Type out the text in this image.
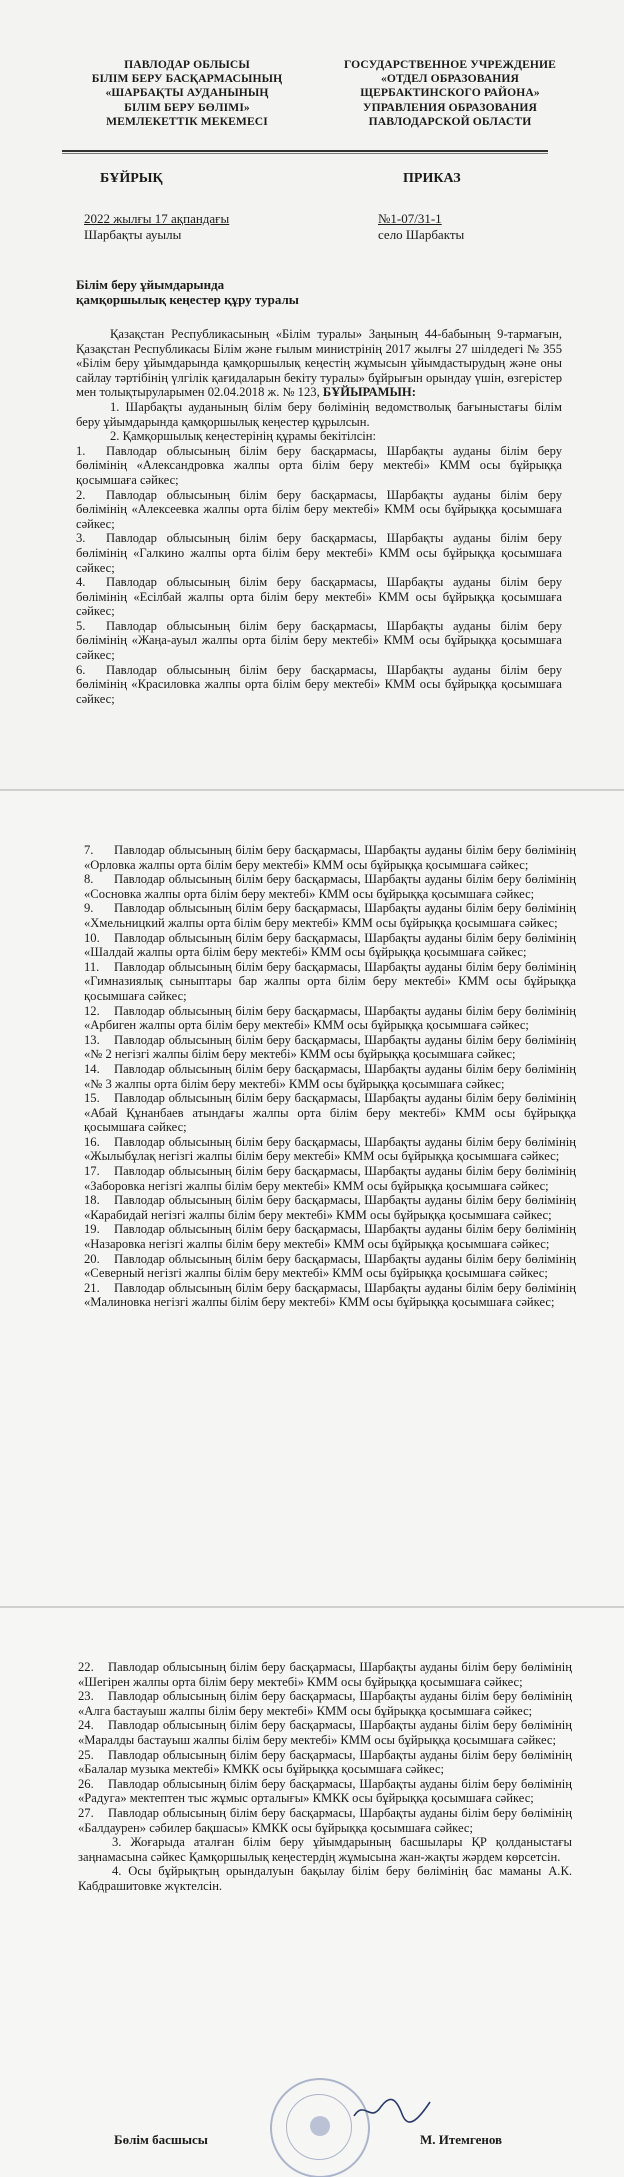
ПАВЛОДАР ОБЛЫСЫ
БІЛІМ БЕРУ БАСҚАРМАСЫНЫҢ
«ШАРБАҚТЫ АУДАНЫНЫҢ
БІЛІМ БЕРУ БӨЛІМІ»
МЕМЛЕКЕТТІК МЕКЕМЕСІ
ГОСУДАРСТВЕННОЕ УЧРЕЖДЕНИЕ
«ОТДЕЛ ОБРАЗОВАНИЯ
ЩЕРБАКТИНСКОГО РАЙОНА»
УПРАВЛЕНИЯ ОБРАЗОВАНИЯ
ПАВЛОДАРСКОЙ ОБЛАСТИ
БҰЙРЫҚ	ПРИКАЗ
2022 жылғы 17 ақпандағы	№1-07/31-1
Шарбақты ауылы	село Шарбакты
Білім беру ұйымдарында
қамқоршылық кеңестер құру туралы

Қазақстан Республикасының «Білім туралы» Заңының 44-бабының 9-тармағын, Қазақстан Республикасы Білім және ғылым министрінің 2017 жылғы 27 шілдедегі № 355 «Білім беру ұйымдарында қамқоршылық кеңестің жұмысын ұйымдастырудың және оны сайлау тәртібінің үлгілік қағидаларын бекіту туралы» бұйрығын орындау үшін, өзгерістер мен толықтыруларымен 02.04.2018 ж. № 123, БҰЙЫРАМЫН:

1. Шарбақты ауданының білім беру бөлімінің ведомстволық бағыныстағы білім беру ұйымдарында қамқоршылық кеңестер құрылсын.

2. Қамқоршылық кеңестерінің құрамы бекітілсін:

1. Павлодар облысының білім беру басқармасы, Шарбақты ауданы білім беру бөлімінің «Александровка жалпы орта білім беру мектебі» КММ осы бұйрыққа қосымшаға сәйкес;

2. Павлодар облысының білім беру басқармасы, Шарбақты ауданы білім беру бөлімінің «Алексеевка жалпы орта білім беру мектебі» КММ осы бұйрыққа қосымшаға сәйкес;

3. Павлодар облысының білім беру басқармасы, Шарбақты ауданы білім беру бөлімінің «Галкино жалпы орта білім беру мектебі» КММ осы бұйрыққа қосымшаға сәйкес;

4. Павлодар облысының білім беру басқармасы, Шарбақты ауданы білім беру бөлімінің «Есілбай жалпы орта білім беру мектебі» КММ осы бұйрыққа қосымшаға сәйкес;

5. Павлодар облысының білім беру басқармасы, Шарбақты ауданы білім беру бөлімінің «Жаңа-ауыл жалпы орта білім беру мектебі» КММ осы бұйрыққа қосымшаға сәйкес;

6. Павлодар облысының білім беру басқармасы, Шарбақты ауданы білім беру бөлімінің «Красиловка жалпы орта білім беру мектебі» КММ осы бұйрыққа қосымшаға сәйкес;

7. Павлодар облысының білім беру басқармасы, Шарбақты ауданы білім беру бөлімінің «Орловка жалпы орта білім беру мектебі» КММ осы бұйрыққа қосымшаға сәйкес;

8. Павлодар облысының білім беру басқармасы, Шарбақты ауданы білім беру бөлімінің «Сосновка жалпы орта білім беру мектебі» КММ осы бұйрыққа қосымшаға сәйкес;

9. Павлодар облысының білім беру басқармасы, Шарбақты ауданы білім беру бөлімінің «Хмельницкий жалпы орта білім беру мектебі» КММ осы бұйрыққа қосымшаға сәйкес;

10. Павлодар облысының білім беру басқармасы, Шарбақты ауданы білім беру бөлімінің «Шалдай жалпы орта білім беру мектебі» КММ осы бұйрыққа қосымшаға сәйкес;

11. Павлодар облысының білім беру басқармасы, Шарбақты ауданы білім беру бөлімінің «Гимназиялық сыныптары бар жалпы орта білім беру мектебі» КММ осы бұйрыққа қосымшаға сәйкес;

12. Павлодар облысының білім беру басқармасы, Шарбақты ауданы білім беру бөлімінің «Арбиген жалпы орта білім беру мектебі» КММ осы бұйрыққа қосымшаға сәйкес;

13. Павлодар облысының білім беру басқармасы, Шарбақты ауданы білім беру бөлімінің «№ 2 негізгі жалпы білім беру мектебі» КММ осы бұйрыққа қосымшаға сәйкес;

14. Павлодар облысының білім беру басқармасы, Шарбақты ауданы білім беру бөлімінің «№ 3 жалпы орта білім беру мектебі» КММ осы бұйрыққа қосымшаға сәйкес;

15. Павлодар облысының білім беру басқармасы, Шарбақты ауданы білім беру бөлімінің «Абай Құнанбаев атындағы жалпы орта білім беру мектебі» КММ осы бұйрыққа қосымшаға сәйкес;

16. Павлодар облысының білім беру басқармасы, Шарбақты ауданы білім беру бөлімінің «Жылыбұлақ негізгі жалпы білім беру мектебі» КММ осы бұйрыққа қосымшаға сәйкес;

17. Павлодар облысының білім беру басқармасы, Шарбақты ауданы білім беру бөлімінің «Заборовка негізгі жалпы білім беру мектебі» КММ осы бұйрыққа қосымшаға сәйкес;

18. Павлодар облысының білім беру басқармасы, Шарбақты ауданы білім беру бөлімінің «Карабидай негізгі жалпы білім беру мектебі» КММ осы бұйрыққа қосымшаға сәйкес;

19. Павлодар облысының білім беру басқармасы, Шарбақты ауданы білім беру бөлімінің «Назаровка негізгі жалпы білім беру мектебі» КММ осы бұйрыққа қосымшаға сәйкес;

20. Павлодар облысының білім беру басқармасы, Шарбақты ауданы білім беру бөлімінің «Северный негізгі жалпы білім беру мектебі» КММ осы бұйрыққа қосымшаға сәйкес;

21. Павлодар облысының білім беру басқармасы, Шарбақты ауданы білім беру бөлімінің «Малиновка негізгі жалпы білім беру мектебі» КММ осы бұйрыққа қосымшаға сәйкес;

22. Павлодар облысының білім беру басқармасы, Шарбақты ауданы білім беру бөлімінің «Шегірен жалпы орта білім беру мектебі» КММ осы бұйрыққа қосымшаға сәйкес;

23. Павлодар облысының білім беру басқармасы, Шарбақты ауданы білім беру бөлімінің «Алга бастауыш жалпы білім беру мектебі» КММ осы бұйрыққа қосымшаға сәйкес;

24. Павлодар облысының білім беру басқармасы, Шарбақты ауданы білім беру бөлімінің «Маралды бастауыш жалпы білім беру мектебі» КММ осы бұйрыққа қосымшаға сәйкес;

25. Павлодар облысының білім беру басқармасы, Шарбақты ауданы білім беру бөлімінің «Балалар музыка мектебі» КМКК осы бұйрыққа қосымшаға сәйкес;

26. Павлодар облысының білім беру басқармасы, Шарбақты ауданы білім беру бөлімінің «Радуга» мектептен тыс жұмыс орталығы» КМКК осы бұйрыққа қосымшаға сәйкес;

27. Павлодар облысының білім беру басқармасы, Шарбақты ауданы білім беру бөлімінің «Балдаурен» сәбилер бақшасы» КМКК осы бұйрыққа қосымшаға сәйкес;

3. Жоғарыда аталған білім беру ұйымдарының басшылары ҚР қолданыстағы заңнамасына сәйкес Қамқоршылық кеңестердің жұмысына жан-жақты жәрдем көрсетсін.

4. Осы бұйрықтың орындалуын бақылау білім беру бөлімінің бас маманы А.К. Кабдрашитовке жүктелсін.

Бөлім басшысы	М. Итемгенов
